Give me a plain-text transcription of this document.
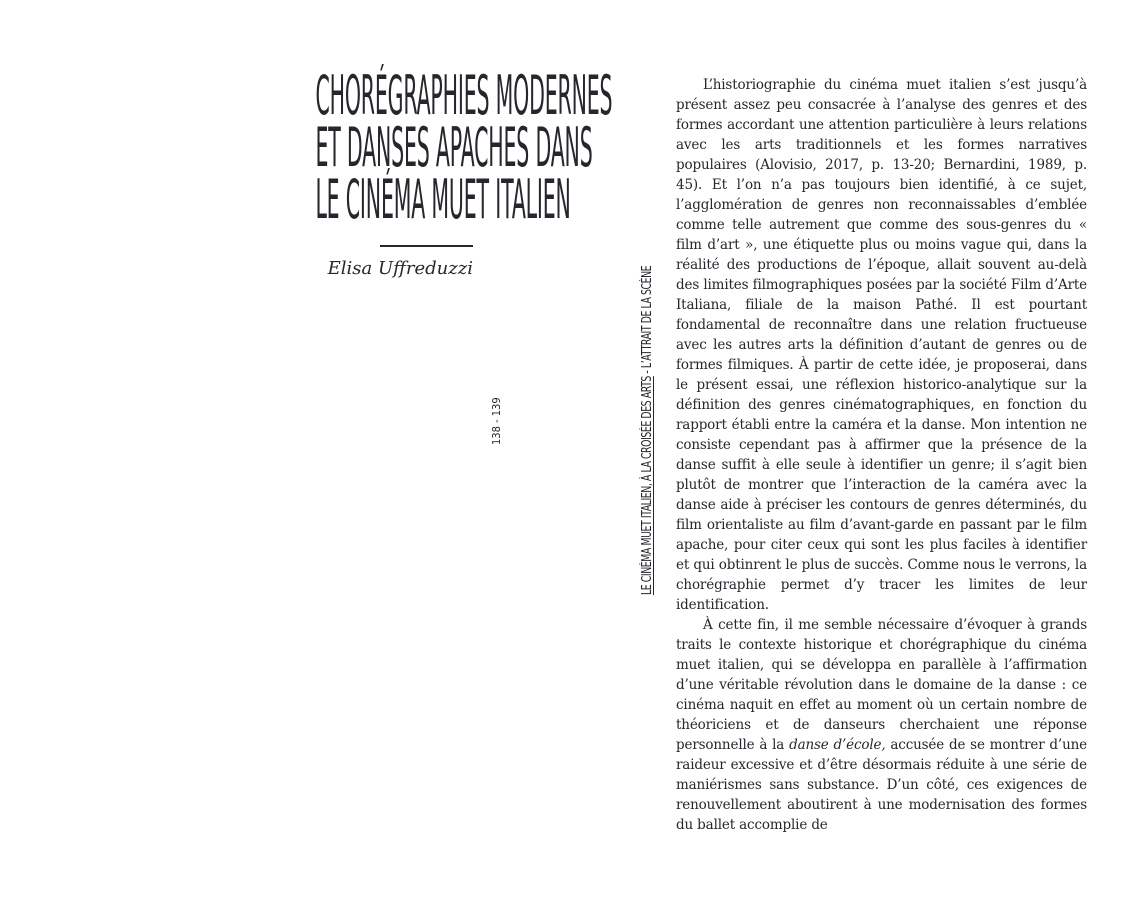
CHORÉGRAPHIES MODERNES
ET DANSES APACHES DANS
LE CINÉMA MUET ITALIEN
Elisa Uffreduzzi
138 - 139	LE CINÉMA MUET ITALIEN, À LA CROISÉE DES ARTS - L’ATTRAIT DE LA SCÈNE

L’historiographie du cinéma muet italien s’est jusqu’à présent assez peu consacrée à l’analyse des genres et des formes accordant une attention particulière à leurs relations avec les arts traditionnels et les formes narratives populaires (Alovisio, 2017, p. 13-20; Bernardini, 1989, p. 45). Et l’on n’a pas toujours bien identifié, à ce sujet, l’agglomération de genres non reconnaissables d’emblée comme telle autrement que comme des sous-genres du « film d’art », une étiquette plus ou moins vague qui, dans la réalité des productions de l’époque, allait souvent au-delà des limites filmographiques posées par la société Film d’Arte Italiana, filiale de la maison Pathé. Il est pourtant fondamental de reconnaître dans une relation fructueuse avec les autres arts la définition d’autant de genres ou de formes filmiques. À partir de cette idée, je proposerai, dans le présent essai, une réflexion historico-analytique sur la définition des genres cinématographiques, en fonction du rapport établi entre la caméra et la danse. Mon intention ne consiste cependant pas à affirmer que la présence de la danse suffit à elle seule à identifier un genre; il s’agit bien plutôt de montrer que l’interaction de la caméra avec la danse aide à préciser les contours de genres déterminés, du film orientaliste au film d’avant-garde en passant par le film apache, pour citer ceux qui sont les plus faciles à identifier et qui obtinrent le plus de succès. Comme nous le verrons, la chorégraphie permet d’y tracer les limites de leur identification.

À cette fin, il me semble nécessaire d’évoquer à grands traits le contexte historique et chorégraphique du cinéma muet italien, qui se développa en parallèle à l’affirmation d’une véritable révolution dans le domaine de la danse : ce cinéma naquit en effet au moment où un certain nombre de théoriciens et de danseurs cherchaient une réponse personnelle à la danse d’école, accusée de se montrer d’une raideur excessive et d’être désormais réduite à une série de maniérismes sans substance. D’un côté, ces exigences de renouvellement aboutirent à une modernisation des formes du ballet accomplie de
